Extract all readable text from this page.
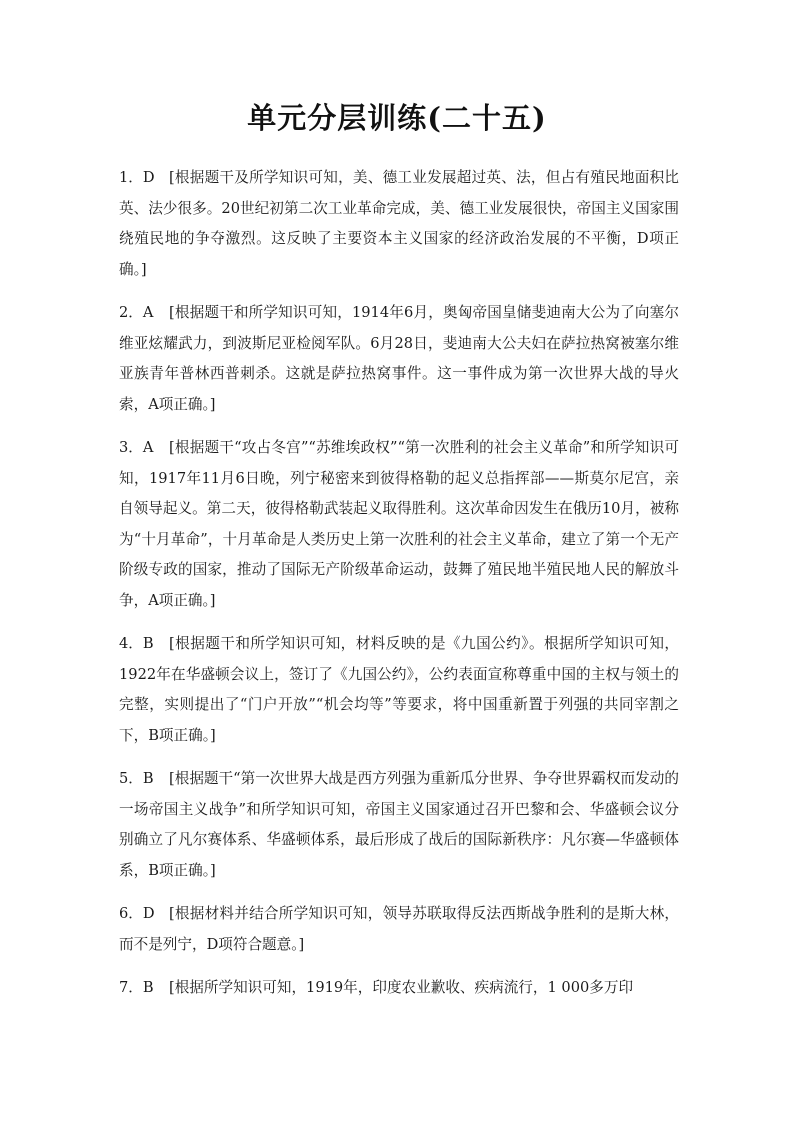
单元分层训练(二十五)

1．D [根据题干及所学知识可知，美、德工业发展超过英、法，但占有殖民地面积比英、法少很多。20世纪初第二次工业革命完成，美、德工业发展很快，帝国主义国家围绕殖民地的争夺激烈。这反映了主要资本主义国家的经济政治发展的不平衡，D项正确。]

2．A [根据题干和所学知识可知，1914年6月，奥匈帝国皇储斐迪南大公为了向塞尔维亚炫耀武力，到波斯尼亚检阅军队。6月28日，斐迪南大公夫妇在萨拉热窝被塞尔维亚族青年普林西普刺杀。这就是萨拉热窝事件。这一事件成为第一次世界大战的导火索，A项正确。]

3．A [根据题干“攻占冬宫”“苏维埃政权”“第一次胜利的社会主义革命”和所学知识可知，1917年11月6日晚，列宁秘密来到彼得格勒的起义总指挥部——斯莫尔尼宫，亲自领导起义。第二天，彼得格勒武装起义取得胜利。这次革命因发生在俄历10月，被称为“十月革命”，十月革命是人类历史上第一次胜利的社会主义革命，建立了第一个无产阶级专政的国家，推动了国际无产阶级革命运动，鼓舞了殖民地半殖民地人民的解放斗争，A项正确。]

4．B [根据题干和所学知识可知，材料反映的是《九国公约》。根据所学知识可知，1922年在华盛顿会议上，签订了《九国公约》，公约表面宣称尊重中国的主权与领土的完整，实则提出了“门户开放”“机会均等”等要求，将中国重新置于列强的共同宰割之下，B项正确。]

5．B [根据题干“第一次世界大战是西方列强为重新瓜分世界、争夺世界霸权而发动的一场帝国主义战争”和所学知识可知，帝国主义国家通过召开巴黎和会、华盛顿会议分别确立了凡尔赛体系、华盛顿体系，最后形成了战后的国际新秩序：凡尔赛—华盛顿体系，B项正确。]

6．D [根据材料并结合所学知识可知，领导苏联取得反法西斯战争胜利的是斯大林，而不是列宁，D项符合题意。]

7．B [根据所学知识可知，1919年，印度农业歉收、疾病流行，1 000多万印
